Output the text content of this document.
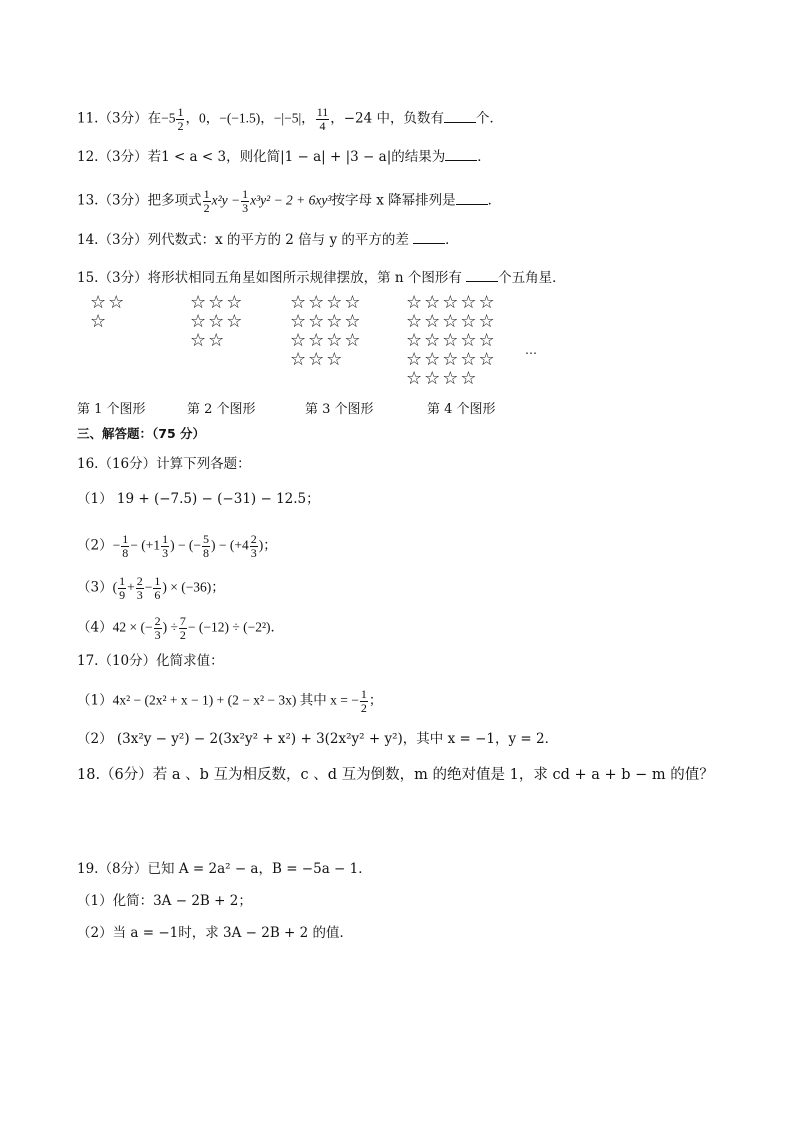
11.（3分）在$-5 \frac{1}{2}$ ，0，−(−1.5)，−|−5|， $\frac{11}{4}$ ，−24 中，负数有 个．
12.（3分）若1 < a < 3，则化简|1 − a| + |3 − a|的结果为 ．
13.（3分）把多项式 $\frac{1}{2} x^2y - \frac{1}{3} x^3y^2 - 2 + 6xy^3$按字母 x 降幂排列是 ．
14.（3分）列代数式：x 的平方的 2 倍与 y 的平方的差	．
15.（3分）将形状相同五角星如图所示规律摆放，第 n 个图形有	个五角星．
☆☆
☆
☆☆☆
☆☆☆
☆☆
☆☆☆☆
☆☆☆☆
☆☆☆☆
☆☆☆
☆☆☆☆☆
☆☆☆☆☆
☆☆☆☆☆
☆☆☆☆☆
☆☆☆☆
…
第 1 个图形	第 2 个图形	第 3 个图形	第 4 个图形
三、解答题：（75 分）
16.（16分）计算下列各题：
（1） 19 + (−7.5) − (−31) − 12.5；
$(2)- \frac{1}{8} - (+1 \frac{1}{3}$ ) − (− $\frac{5}{8}$ ) − ($+4 \frac{2}{3}$ )；
$(3)( \frac{1}{9} + \frac{2}{3} - \frac{1}{6}$ ) × (−36)；
（4）42 × (− $\frac{2}{3}$ ) ÷ $\frac{7}{2} - (-12) \div (-2^2)$．
17.（10分）化简求值：
（1）4x² − (2x² + x − 1) + (2 − x² − 3x) 其中 x = − $\frac{1}{2}$ ；
（2） (3x²y − y²) − 2(3x²y² + x²) + 3(2x²y² + y²)，其中 x = −1，y = 2．
18.（6分）若 a 、b 互为相反数，c 、d 互为倒数，m 的绝对值是 1，求 cd + a + b − m 的值？
19.（8分）已知 A = 2a² − a，B = −5a − 1．
（1）化简：3A − 2B + 2；
（2）当 a = −1时，求 3A − 2B + 2 的值．
